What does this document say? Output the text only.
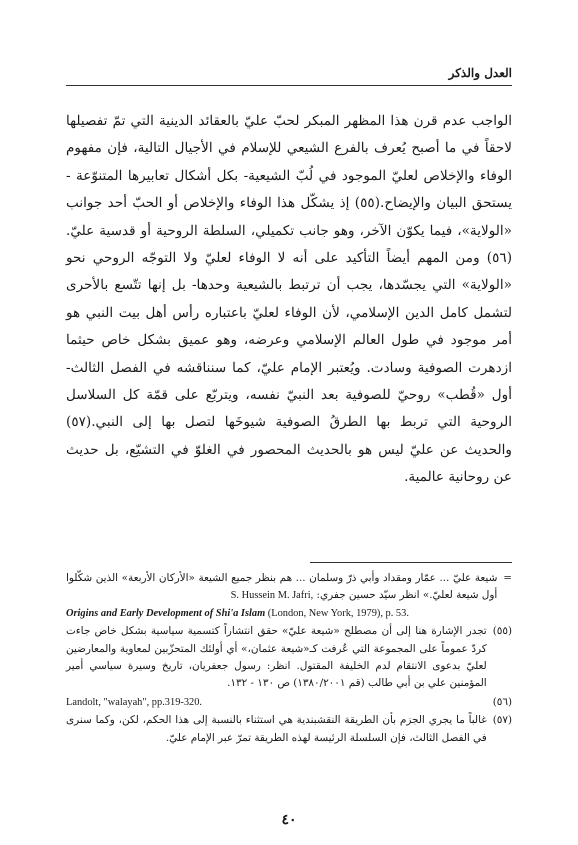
العدل والذكر

الواجب عدم قرن هذا المظهر المبكر لحبّ عليّ بالعقائد الدينية التي تمّ تفصيلها لاحقاً في ما أصبح يُعرف بالفرع الشيعي للإسلام في الأجيال التالية، فإن مفهوم الوفاء والإخلاص لعليّ الموجود في لُبّ الشيعية- بكل أشكال تعابيرها المتنوّعة - يستحق البيان والإيضاح.(٥٥) إذ يشكّل هذا الوفاء والإخلاص أو الحبّ أحد جوانب «الولاية»، فيما يكوّن الآخر، وهو جانب تكميلي، السلطة الروحية أو قدسية عليّ.(٥٦) ومن المهم أيضاً التأكيد على أنه لا الوفاء لعليّ ولا التوجّه الروحي نحو «الولاية» التي يجسّدها، يجب أن ترتبط بالشيعية وحدها- بل إنها تتّسع بالأحرى لتشمل كامل الدين الإسلامي، لأن الوفاء لعليّ باعتباره رأس أهل بيت النبي هو أمر موجود في طول العالم الإسلامي وعرضه، وهو عميق بشكل خاص حيثما ازدهرت الصوفية وسادت. ويُعتبر الإمام عليّ، كما سنناقشه في الفصل الثالث- أول «قُطب» روحيّ للصوفية بعد النبيّ نفسه، ويتربّع على قمّة كل السلاسل الروحية التي تربط بها الطرقُ الصوفية شيوخَها لتصل بها إلى النبي.(٥٧) والحديث عن عليّ ليس هو بالحديث المحصور في الغلوّ في التشيّع، بل حديث عن روحانية عالمية.

=
شيعة عليّ ... عمّار ومقداد وأبي ذرّ وسلمان ... هم بنظر جميع الشيعة «الأركان الأربعة» الذين شكّلوا أول شيعة لعليّ.» انظر سيّد حسين جفري: S. Hussein M. Jafri,
Origins and Early Development of Shi'a Islam (London, New York, 1979), p. 53.
(٥٥)
تجدر الإشارة هنا إلى أن مصطلح «شيعة عليّ» حقق انتشاراً كتسمية سياسية بشكل خاص جاءت كردّ عموماً على المجموعة التي عُرفت كـ«شيعة عثمان،» أي أولئك المتحزّبين لمعاوية والمعارضين لعليّ بدعوى الانتقام لدم الخليفة المقتول. انظر: رسول جعفريان، تاريخ وسيرة سياسي أمير المؤمنين علي بن أبي طالب (قم ١٣٨٠/٢٠٠١) ص ١٣٠ - ١٣٢.
(٥٦)
Landolt, "walayah", pp.319-320.
(٥٧)
غالباً ما يجري الجزم بأن الطريقة النقشبندية هي استثناء بالنسبة إلى هذا الحكم، لكن، وكما سنرى في الفصل الثالث، فإن السلسلة الرئيسة لهذه الطريقة تمرّ عبر الإمام عليّ.
٤٠
